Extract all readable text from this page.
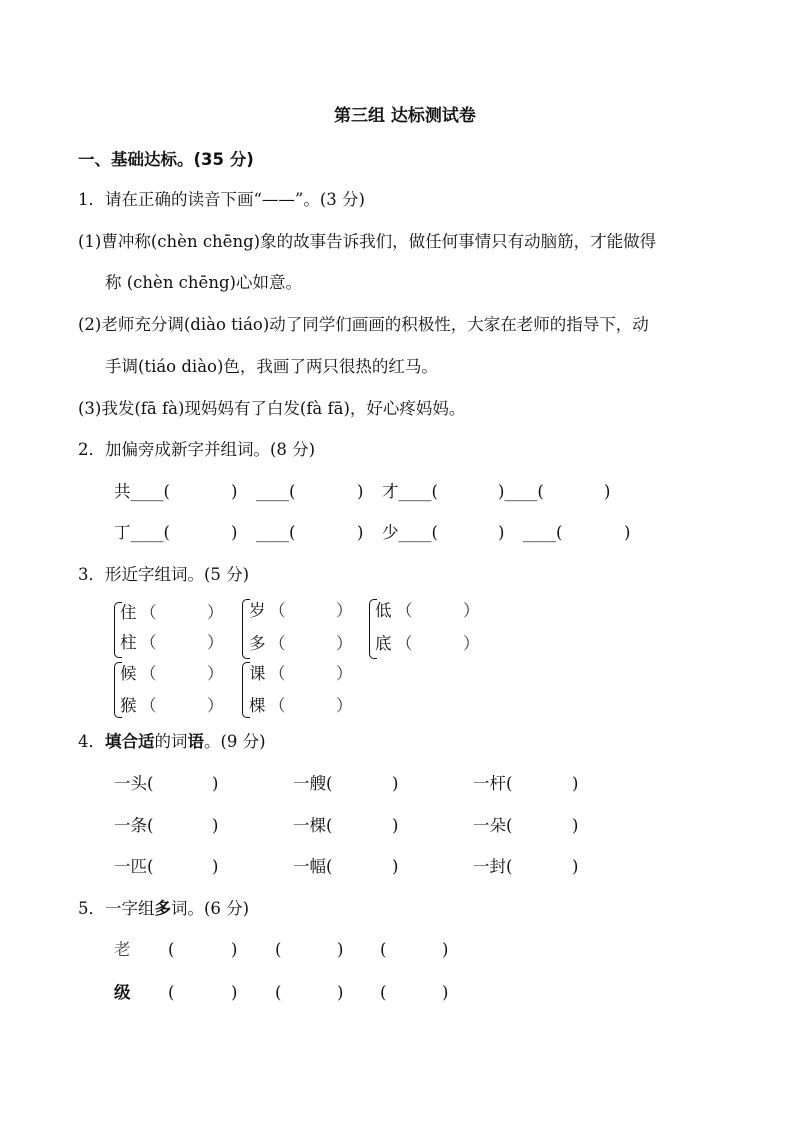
第三组 达标测试卷
一、基础达标。(35 分)
1．请在正确的读音下画“——”。(3 分)
(1)曹冲称(chèn chēng)象的故事告诉我们，做任何事情只有动脑筋，才能做得
称 (chèn chēng)心如意。
(2)老师充分调(diào tiáo)动了同学们画画的积极性，大家在老师的指导下，动
手调(tiáo diào)色，我画了两只很热的红马。
(3)我发(fā fà)现妈妈有了白发(fà fā)，好心疼妈妈。
2．加偏旁成新字并组词。(8 分)
共____(	) ____(	) 才____(	)____(	)
丁____(	) ____(	) 少____(	) ____(	)
3．形近字组词。(5 分)
住 （	）
柱 （	）
岁 （	）
多 （	）
低 （	）
底 （	）
候 （	）
猴 （	）
课 （	）
棵 （	）
4．填合适的词语。(9 分)
一头(	)	一艘(	)	一杆(	)
一条(	)	一棵(	)	一朵(	)
一匹(	)	一幅(	)	一封(	)
5．一字组多词。(6 分)
老 (	) (	) (	)
级 (	) (	) (	)
